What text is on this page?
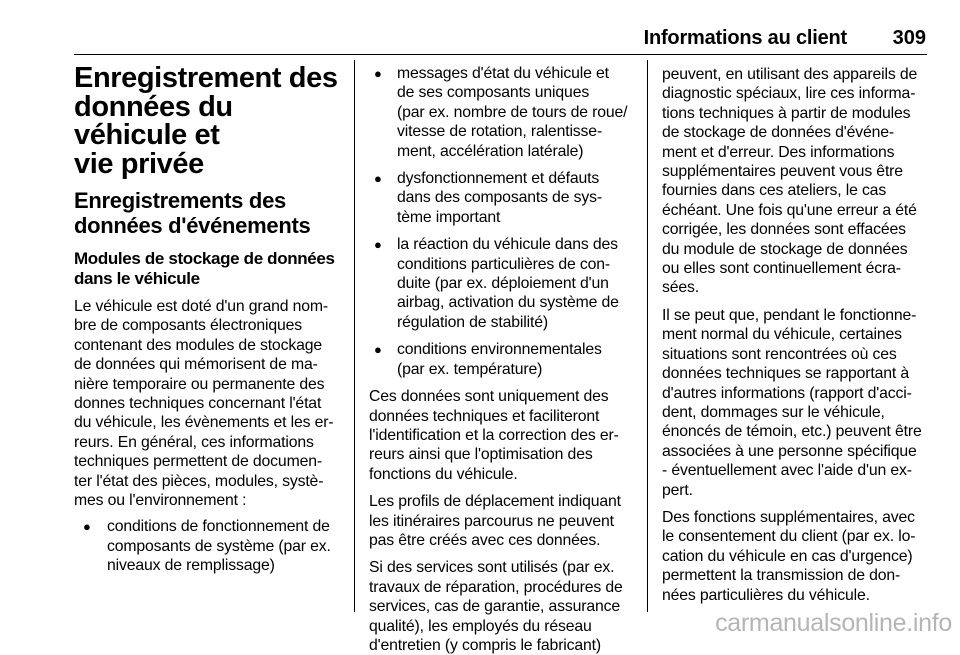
Informations au client 309
Enregistrement des
données du véhicule et
vie privée
Enregistrements des
données d'événements
Modules de stockage de données
dans le véhicule

Le véhicule est doté d'un grand nom-
bre de composants électroniques
contenant des modules de stockage
de données qui mémorisent de ma-
nière temporaire ou permanente des
donnes techniques concernant l'état
du véhicule, les évènements et les er-
reurs. En général, ces informations
techniques permettent de documen-
ter l'état des pièces, modules, systè-
mes ou l'environnement :

● conditions de fonctionnement de
composants de système (par ex.
niveaux de remplissage)
● messages d'état du véhicule et
de ses composants uniques
(par ex. nombre de tours de roue/
vitesse de rotation, ralentisse-
ment, accélération latérale)
● dysfonctionnement et défauts
dans des composants de sys-
tème important
● la réaction du véhicule dans des
conditions particulières de con-
duite (par ex. déploiement d'un
airbag, activation du système de
régulation de stabilité)
● conditions environnementales
(par ex. température)

Ces données sont uniquement des
données techniques et faciliteront
l'identification et la correction des er-
reurs ainsi que l'optimisation des
fonctions du véhicule.

Les profils de déplacement indiquant
les itinéraires parcourus ne peuvent
pas être créés avec ces données.

Si des services sont utilisés (par ex.
travaux de réparation, procédures de
services, cas de garantie, assurance
qualité), les employés du réseau
d'entretien (y compris le fabricant)

peuvent, en utilisant des appareils de
diagnostic spéciaux, lire ces informa-
tions techniques à partir de modules
de stockage de données d'événe-
ment et d'erreur. Des informations
supplémentaires peuvent vous être
fournies dans ces ateliers, le cas
échéant. Une fois qu'une erreur a été
corrigée, les données sont effacées
du module de stockage de données
ou elles sont continuellement écra-
sées.

Il se peut que, pendant le fonctionne-
ment normal du véhicule, certaines
situations sont rencontrées où ces
données techniques se rapportant à
d'autres informations (rapport d'acci-
dent, dommages sur le véhicule,
énoncés de témoin, etc.) peuvent être
associées à une personne spécifique
- éventuellement avec l'aide d'un ex-
pert.

Des fonctions supplémentaires, avec
le consentement du client (par ex. lo-
cation du véhicule en cas d'urgence)
permettent la transmission de don-
nées particulières du véhicule.

carmanualsonline.info
